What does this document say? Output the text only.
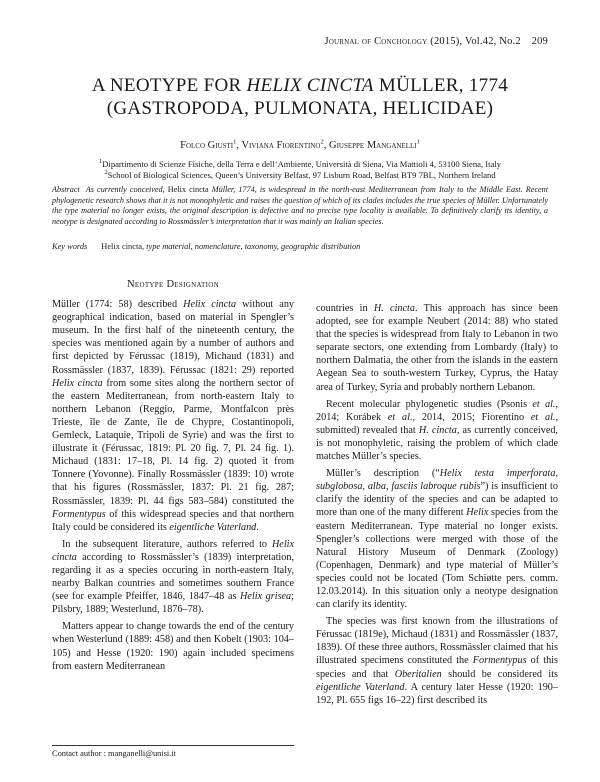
Journal of Conchology (2015), Vol.42, No.2 209
A NEOTYPE FOR HELIX CINCTA MÜLLER, 1774 (GASTROPODA, PULMONATA, HELICIDAE)
Folco Giusti$^1$, Viviana Fiorentino$^2$, Giuseppe Manganelli$^1$
$^1$Dipartimento di Scienze Fisiche, della Terra e dell’Ambiente, Università di Siena, Via Mattioli 4, 53100 Siena, Italy
$^2$School of Biological Sciences, Queen’s University Belfast, 97 Lisburn Road, Belfast BT9 7BL, Northern Ireland
Abstract As currently conceived, Helix cincta Müller, 1774, is widespread in the north-east Mediterranean from Italy to the Middle East. Recent phylogenetic research shows that it is not monophyletic and raises the question of which of its clades includes the true species of Müller. Unfortunately the type material no longer exists, the original description is defective and no precise type locality is available. To definitively clarify its identity, a neotype is designated according to Rossmässler’s interpretation that it was mainly an Italian species.
Key words Helix cincta, type material, nomenclature, taxonomy, geographic distribution
Neotype Designation

Müller (1774: 58) described Helix cincta without any geographical indication, based on material in Spengler’s museum. In the first half of the nineteenth century, the species was mentioned again by a number of authors and first depicted by Férussac (1819), Michaud (1831) and Rossmässler (1837, 1839). Férussac (1821: 29) reported Helix cincta from some sites along the northern sector of the eastern Mediterranean, from north-eastern Italy to northern Lebanon (Reggio, Parme, Montfalcon près Trieste, île de Zante, île de Chypre, Costantinopoli, Gemleck, Lataquie, Tripoli de Syrie) and was the first to illustrate it (Férussac, 1819: Pl. 20 fig. 7, Pl. 24 fig. 1). Michaud (1831: 17–18, Pl. 14 fig. 2) quoted it from Tonnere (Yovonne). Finally Rossmässler (1839: 10) wrote that his figures (Rossmässler, 1837: Pl. 21 fig. 287; Rossmässler, 1839: Pl. 44 figs 583–584) constituted the Formentypus of this widespread species and that northern Italy could be considered its eigentliche Vaterland.

In the subsequent literature, authors referred to Helix cincta according to Rossmässler’s (1839) interpretation, regarding it as a species occuring in north-eastern Italy, nearby Balkan countries and sometimes southern France (see for example Pfeiffer, 1846, 1847–48 as Helix grisea; Pilsbry, 1889; Westerlund, 1876–78).

Matters appear to change towards the end of the century when Westerlund (1889: 458) and then Kobelt (1903: 104–105) and Hesse (1920: 190) again included specimens from eastern Mediterranean

countries in H. cincta. This approach has since been adopted, see for example Neubert (2014: 88) who stated that the species is widespread from Italy to Lebanon in two separate sectors, one extending from Lombardy (Italy) to northern Dalmatia, the other from the islands in the eastern Aegean Sea to south-western Turkey, Cyprus, the Hatay area of Turkey, Syria and probably northern Lebanon.

Recent molecular phylogenetic studies (Psonis et al., 2014; Korábek et al., 2014, 2015; Fiorentino et al., submitted) revealed that H. cincta, as currently conceived, is not monophyletic, raising the problem of which clade matches Müller’s species.

Müller’s description (“Helix testa imperforata, subglobosa, alba, fasciis labroque rubis”) is insufficient to clarify the identity of the species and can be adapted to more than one of the many different Helix species from the eastern Mediterranean. Type material no longer exists. Spengler’s collections were merged with those of the Natural History Museum of Denmark (Zoology) (Copenhagen, Denmark) and type material of Müller’s species could not be located (Tom Schiøtte pers. comm. 12.03.2014). In this situation only a neotype designation can clarify its identity.

The species was first known from the illustrations of Férussac (1819e), Michaud (1831) and Rossmässler (1837, 1839). Of these three authors, Rossmässler claimed that his illustrated specimens constituted the Formentypus of this species and that Oberitalien should be considered its eigentliche Vaterland. A century later Hesse (1920: 190–192, Pl. 655 figs 16–22) first described its

Contact author : manganelli@unisi.it
